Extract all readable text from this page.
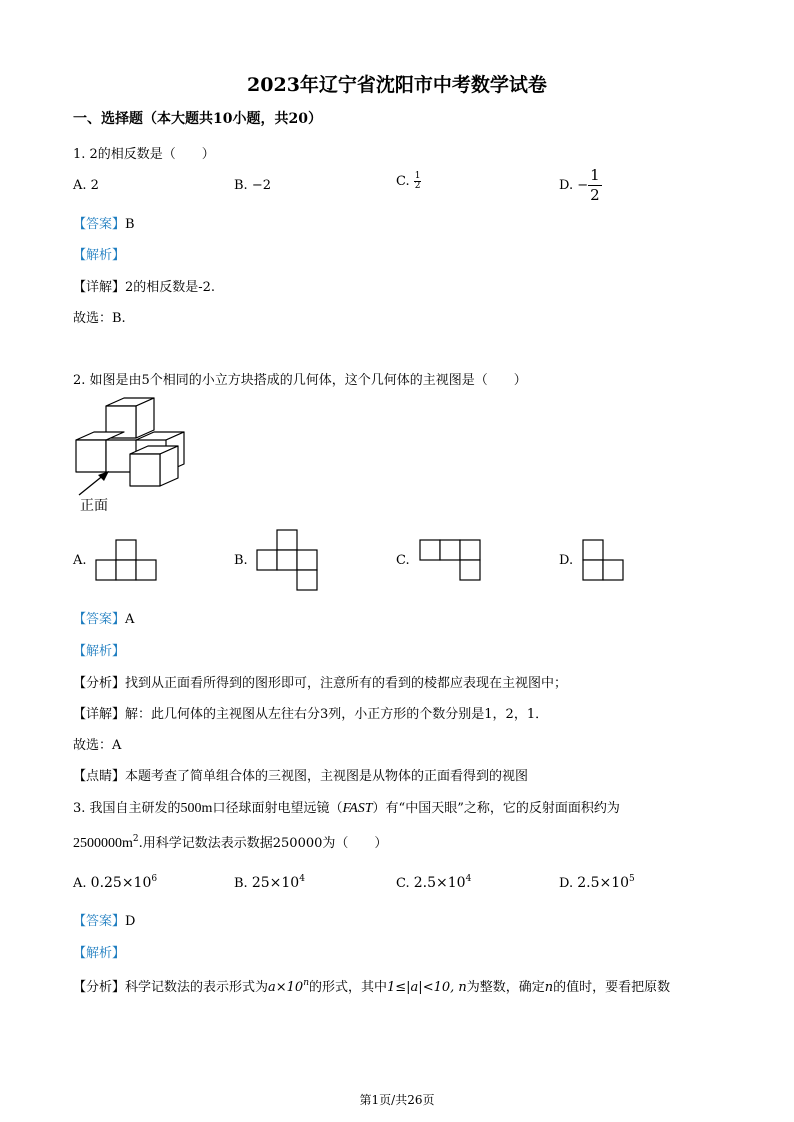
2023年辽宁省沈阳市中考数学试卷
一、选择题（本大题共10小题，共20）
1. 2的相反数是（　　）
A. 2	B. −2	C. $\frac{1}{2}$	D. − $\frac{1}{2}$
【答案】B
【解析】
【详解】2的相反数是-2.
故选：B.
2. 如图是由5个相同的小立方块搭成的几何体，这个几何体的主视图是（　　）
正面
A.	B.	C.	D.
【答案】A
【解析】
【分析】找到从正面看所得到的图形即可，注意所有的看到的棱都应表现在主视图中；
【详解】解：此几何体的主视图从左往右分3列，小正方形的个数分别是1，2，1．
故选：A
【点睛】本题考查了简单组合体的三视图，主视图是从物体的正面看得到的视图
3. 我国自主研发的500m口径球面射电望远镜（FAST）有“中国天眼”之称，它的反射面面积约为
$2500000m^2$.用科学记数法表示数据250000为（　　）
A. $0.25\times 10^6$	B. $25\times 10^4$	C. $2.5\times 10^4$	D. $2.5\times 10^5$
【答案】D
【解析】
【分析】科学记数法的表示形式为$a\times 10^n$的形式，其中1≤|a|<10, n为整数，确定n的值时，要看把原数
第1页/共26页
